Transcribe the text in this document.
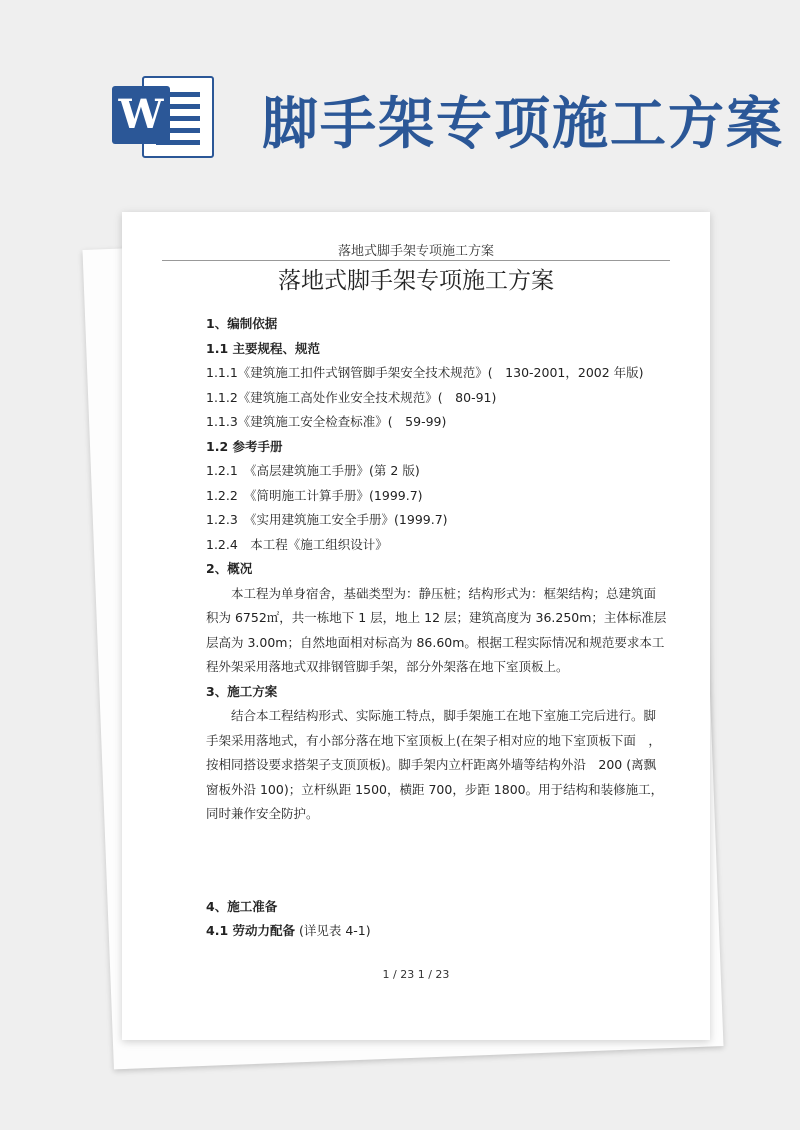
W 脚手架专项施工方案
落地式脚手架专项施工方案
落地式脚手架专项施工方案
1、编制依据
1.1 主要规程、规范
1.1.1《建筑施工扣件式钢管脚手架安全技术规范》(　130-2001，2002 年版)
1.1.2《建筑施工高处作业安全技术规范》(　80-91)
1.1.3《建筑施工安全检查标准》(　59-99)
1.2 参考手册
1.2.1　《高层建筑施工手册》(第 2 版)
1.2.2　《简明施工计算手册》(1999.7)
1.2.3　《实用建筑施工安全手册》(1999.7)
1.2.4　本工程《施工组织设计》
2、概况
本工程为单身宿舍，基础类型为：静压桩；结构形式为：框架结构；总建筑面
积为 6752㎡，共一栋地下 1 层，地上 12 层；建筑高度为 36.250m；主体标准层
层高为 3.00m；自然地面相对标高为 86.60m。根据工程实际情况和规范要求本工
程外架采用落地式双排钢管脚手架，部分外架落在地下室顶板上。
3、施工方案
结合本工程结构形式、实际施工特点，脚手架施工在地下室施工完后进行。脚
手架采用落地式，有小部分落在地下室顶板上(在架子相对应的地下室顶板下面　，
按相同搭设要求搭架子支顶顶板)。脚手架内立杆距离外墙等结构外沿　200 (离飘
窗板外沿 100)；立杆纵距 1500，横距 700，步距 1800。用于结构和装修施工，
同时兼作安全防护。
4、施工准备
4.1 劳动力配备 (详见表 4-1)
1 / 23 1 / 23
